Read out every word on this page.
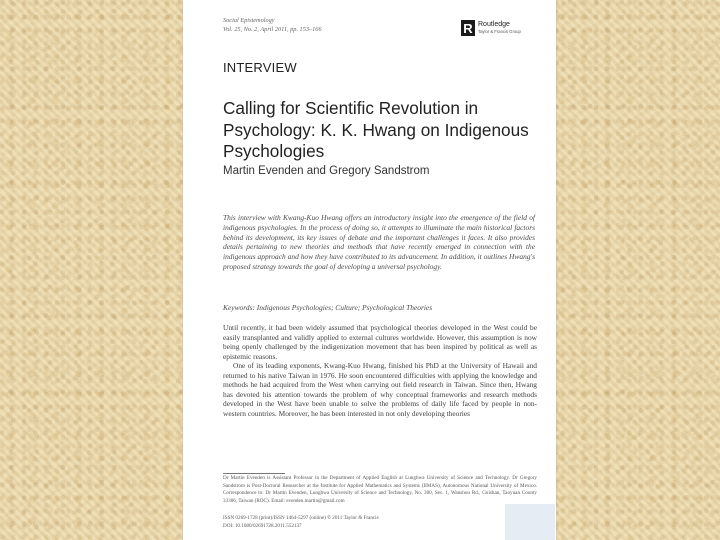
Social Epistemology
Vol. 25, No. 2, April 2011, pp. 153–166	R Routledge
Taylor & Francis Group
INTERVIEW
Calling for Scientific Revolution in Psychology: K. K. Hwang on Indigenous Psychologies
Martin Evenden and Gregory Sandstrom
This interview with Kwang-Kuo Hwang offers an introductory insight into the emergence of the field of indigenous psychologies. In the process of doing so, it attempts to illuminate the main historical factors behind its development, its key issues of debate and the important challenges it faces. It also provides details pertaining to new theories and methods that have recently emerged in connection with the indigenous approach and how they have contributed to its advancement. In addition, it outlines Hwang's proposed strategy towards the goal of developing a universal psychology.
Keywords: Indigenous Psychologies; Culture; Psychological Theories

Until recently, it had been widely assumed that psychological theories developed in the West could be easily transplanted and validly applied to external cultures worldwide. However, this assumption is now being openly challenged by the indigenization movement that has been inspired by political as well as epistemic reasons.

One of its leading exponents, Kwang-Kuo Hwang, finished his PhD at the University of Hawaii and returned to his native Taiwan in 1976. He soon encountered difficulties with applying the knowledge and methods he had acquired from the West when carrying out field research in Taiwan. Since then, Hwang has devoted his attention towards the problem of why conceptual frameworks and research methods developed in the West have been unable to solve the problems of daily life faced by people in non-western countries. Moreover, he has been interested in not only developing theories

Dr Martin Evenden is Assistant Professor in the Department of Applied English at Lunghwa University of Science and Technology. Dr Gregory Sandstrom is Post-Doctoral Researcher at the Institute for Applied Mathematics and Systems (IIMAS), Autonomous National University of Mexico. Correspondence to: Dr Martin Evenden, Lunghwa University of Science and Technology, No. 300, Sec. 1, Wanshou Rd., Guishan, Taoyuan County 33306, Taiwan (ROC). Email: evenden.martin@gmail.com
ISSN 0269-1728 (print)/ISSN 1464-5297 (online) © 2011 Taylor & Francis
DOI: 10.1080/02691728.2011.552137
